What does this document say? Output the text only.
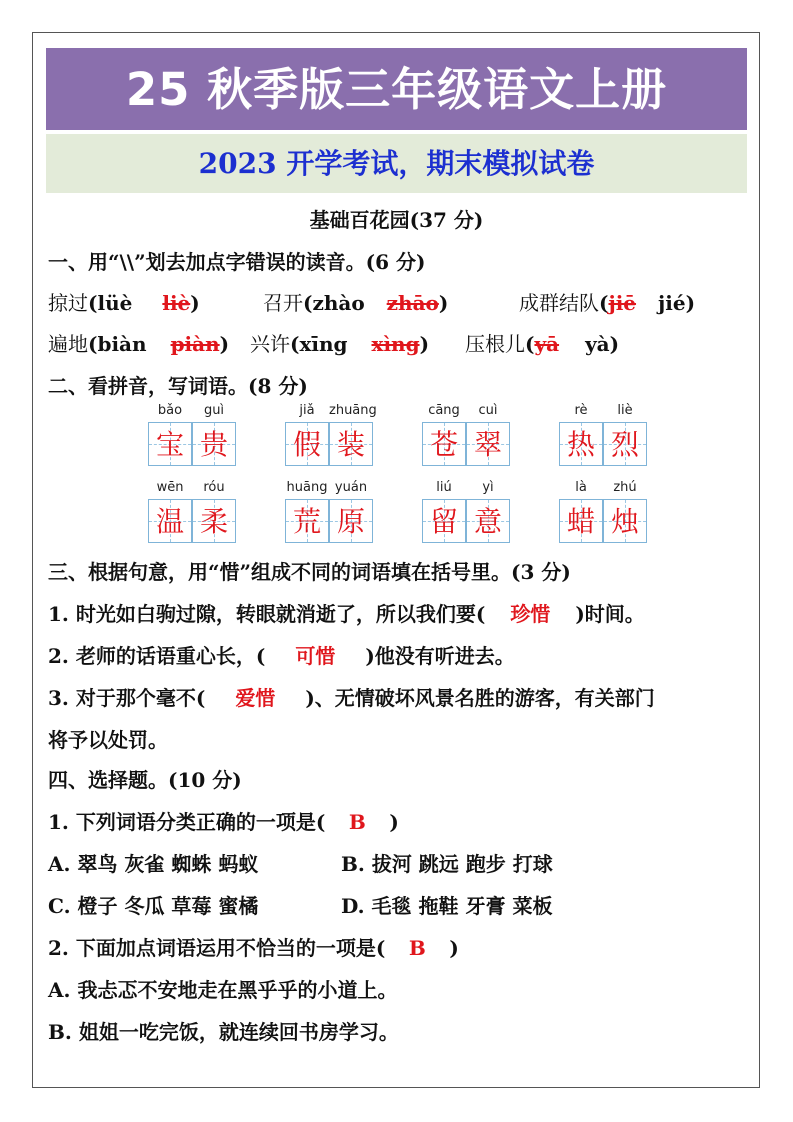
25 秋季版三年级语文上册
2023 开学考试，期末模拟试卷
基础百花园(37 分)
一、用“\\”划去加点字错误的读音。(6 分)
掠过(lüè liè)	召开(zhào zhāo)	成群结队(jiē jié)
遍地(biàn piàn) 兴许(xīng xìng) 压根儿(yā yà)
二、看拼音，写词语。(8 分)
bǎo	guì
宝 贵
jiǎ	zhuāng
假 装
cāng	cuì
苍 翠
rè	liè
热 烈
wēn	róu
温 柔
huāng yuán
荒 原
liú	yì
留 意
là	zhú
蜡 烛
三、根据句意，用“惜”组成不同的词语填在括号里。(3 分)
1. 时光如白驹过隙，转眼就消逝了，所以我们要( 珍惜 )时间。
2. 老师的话语重心长，( 可惜 )他没有听进去。
3. 对于那个毫不( 爱惜 )、无情破坏风景名胜的游客，有关部门
将予以处罚。
四、选择题。(10 分)
1. 下列词语分类正确的一项是( B )
A. 翠鸟 灰雀 蜘蛛 蚂蚁	B. 拔河 跳远 跑步 打球
C. 橙子 冬瓜 草莓 蜜橘	D. 毛毯 拖鞋 牙膏 菜板
2. 下面加点词语运用不恰当的一项是( B )
A. 我忐忑不安地走在黑乎乎的小道上。
B. 姐姐一吃完饭，就连续回书房学习。
